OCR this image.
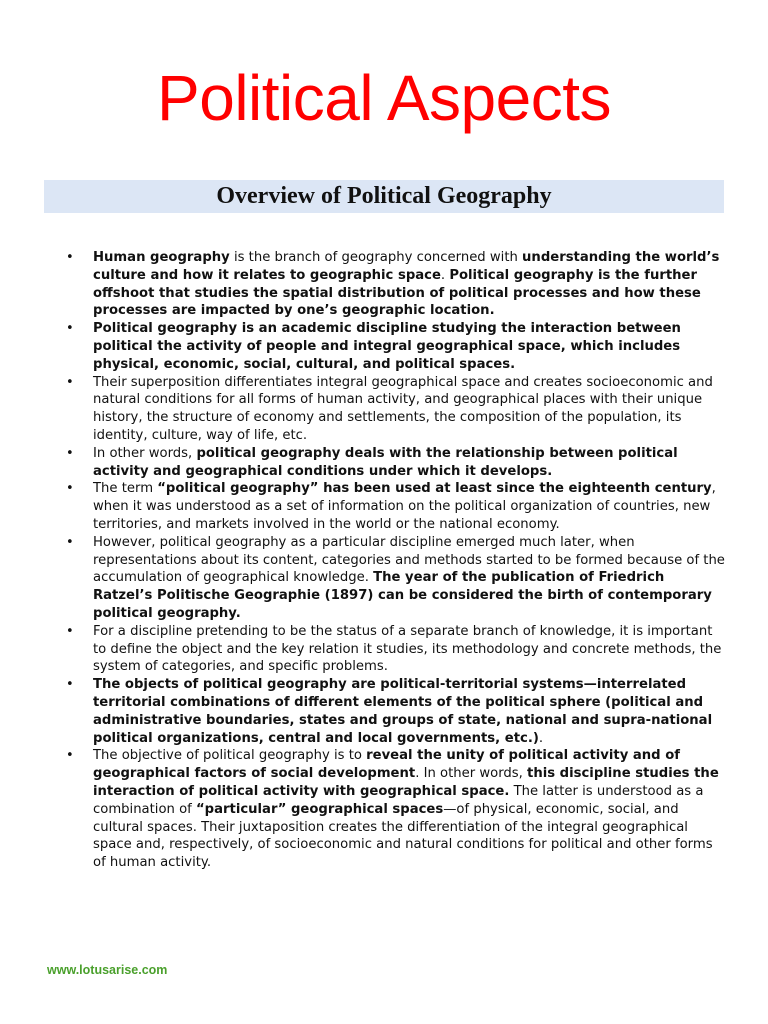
Political Aspects
Overview of Political Geography
• Human geography is the branch of geography concerned with understanding the world’s culture and how it relates to geographic space. Political geography is the further offshoot that studies the spatial distribution of political processes and how these processes are impacted by one’s geographic location.
• Political geography is an academic discipline studying the interaction between political the activity of people and integral geographical space, which includes physical, economic, social, cultural, and political spaces.
• Their superposition differentiates integral geographical space and creates socioeconomic and natural conditions for all forms of human activity, and geographical places with their unique history, the structure of economy and settlements, the composition of the population, its identity, culture, way of life, etc.
• In other words, political geography deals with the relationship between political activity and geographical conditions under which it develops.
• The term “political geography” has been used at least since the eighteenth century, when it was understood as a set of information on the political organization of countries, new territories, and markets involved in the world or the national economy.
• However, political geography as a particular discipline emerged much later, when representations about its content, categories and methods started to be formed because of the accumulation of geographical knowledge. The year of the publication of Friedrich Ratzel’s Politische Geographie (1897) can be considered the birth of contemporary political geography.
• For a discipline pretending to be the status of a separate branch of knowledge, it is important to define the object and the key relation it studies, its methodology and concrete methods, the system of categories, and specific problems.
• The objects of political geography are political-territorial systems—interrelated territorial combinations of different elements of the political sphere (political and administrative boundaries, states and groups of state, national and supra-national political organizations, central and local governments, etc.).
• The objective of political geography is to reveal the unity of political activity and of geographical factors of social development. In other words, this discipline studies the interaction of political activity with geographical space. The latter is understood as a combination of “particular” geographical spaces—of physical, economic, social, and cultural spaces. Their juxtaposition creates the differentiation of the integral geographical space and, respectively, of socioeconomic and natural conditions for political and other forms of human activity.
www.lotusarise.com
